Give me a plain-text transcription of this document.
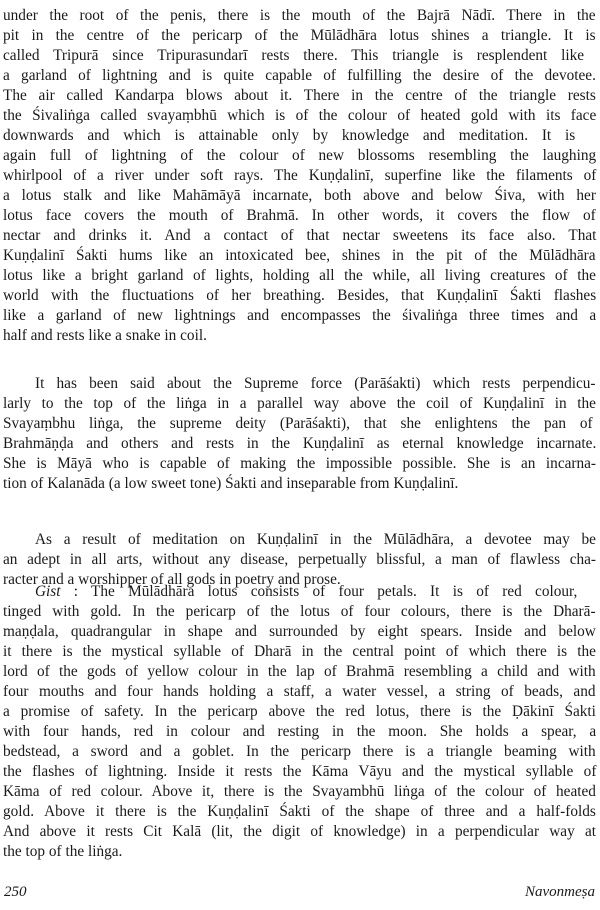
under the root of the penis, there is the mouth of the Bajrā Nādī. There in the
pit in the centre of the pericarp of the Mūlādhāra lotus shines a triangle. It is
called Tripurā since Tripurasundarī rests there. This triangle is resplendent like
a garland of lightning and is quite capable of fulfilling the desire of the devotee.
The air called Kandarpa blows about it. There in the centre of the triangle rests
the Śivaliṅga called svayaṃbhū which is of the colour of heated gold with its face
downwards and which is attainable only by knowledge and meditation. It is
again full of lightning of the colour of new blossoms resembling the laughing
whirlpool of a river under soft rays. The Kuṇḍalinī, superfine like the filaments of
a lotus stalk and like Mahāmāyā incarnate, both above and below Śiva, with her
lotus face covers the mouth of Brahmā. In other words, it covers the flow of
nectar and drinks it. And a contact of that nectar sweetens its face also. That
Kuṇḍalinī Śakti hums like an intoxicated bee, shines in the pit of the Mūlādhāra
lotus like a bright garland of lights, holding all the while, all living creatures of the
world with the fluctuations of her breathing. Besides, that Kuṇḍalinī Śakti flashes
like a garland of new lightnings and encompasses the śivaliṅga three times and a
half and rests like a snake in coil.
It has been said about the Supreme force (Parāśakti) which rests perpendicu-
larly to the top of the liṅga in a parallel way above the coil of Kuṇḍalinī in the
Svayaṃbhu liṅga, the supreme deity (Parāśakti), that she enlightens the pan of
Brahmāṇḍa and others and rests in the Kuṇḍalinī as eternal knowledge incarnate.
She is Māyā who is capable of making the impossible possible. She is an incarna-
tion of Kalanāda (a low sweet tone) Śakti and inseparable from Kuṇḍalinī.
As a result of meditation on Kuṇḍalinī in the Mūlādhāra, a devotee may be
an adept in all arts, without any disease, perpetually blissful, a man of flawless cha-
racter and a worshipper of all gods in poetry and prose.
Gist : The Mūlādhāra lotus consists of four petals. It is of red colour,
tinged with gold. In the pericarp of the lotus of four colours, there is the Dharā-
maṇḍala, quadrangular in shape and surrounded by eight spears. Inside and below
it there is the mystical syllable of Dharā in the central point of which there is the
lord of the gods of yellow colour in the lap of Brahmā resembling a child and with
four mouths and four hands holding a staff, a water vessel, a string of beads, and
a promise of safety. In the pericarp above the red lotus, there is the Ḍākinī Śakti
with four hands, red in colour and resting in the moon. She holds a spear, a
bedstead, a sword and a goblet. In the pericarp there is a triangle beaming with
the flashes of lightning. Inside it rests the Kāma Vāyu and the mystical syllable of
Kāma of red colour. Above it, there is the Svayambhū liṅga of the colour of heated
gold. Above it there is the Kuṇḍalinī Śakti of the shape of three and a half-folds
And above it rests Cit Kalā (lit, the digit of knowledge) in a perpendicular way at
the top of the liṅga.
250	Navonmeṣa
